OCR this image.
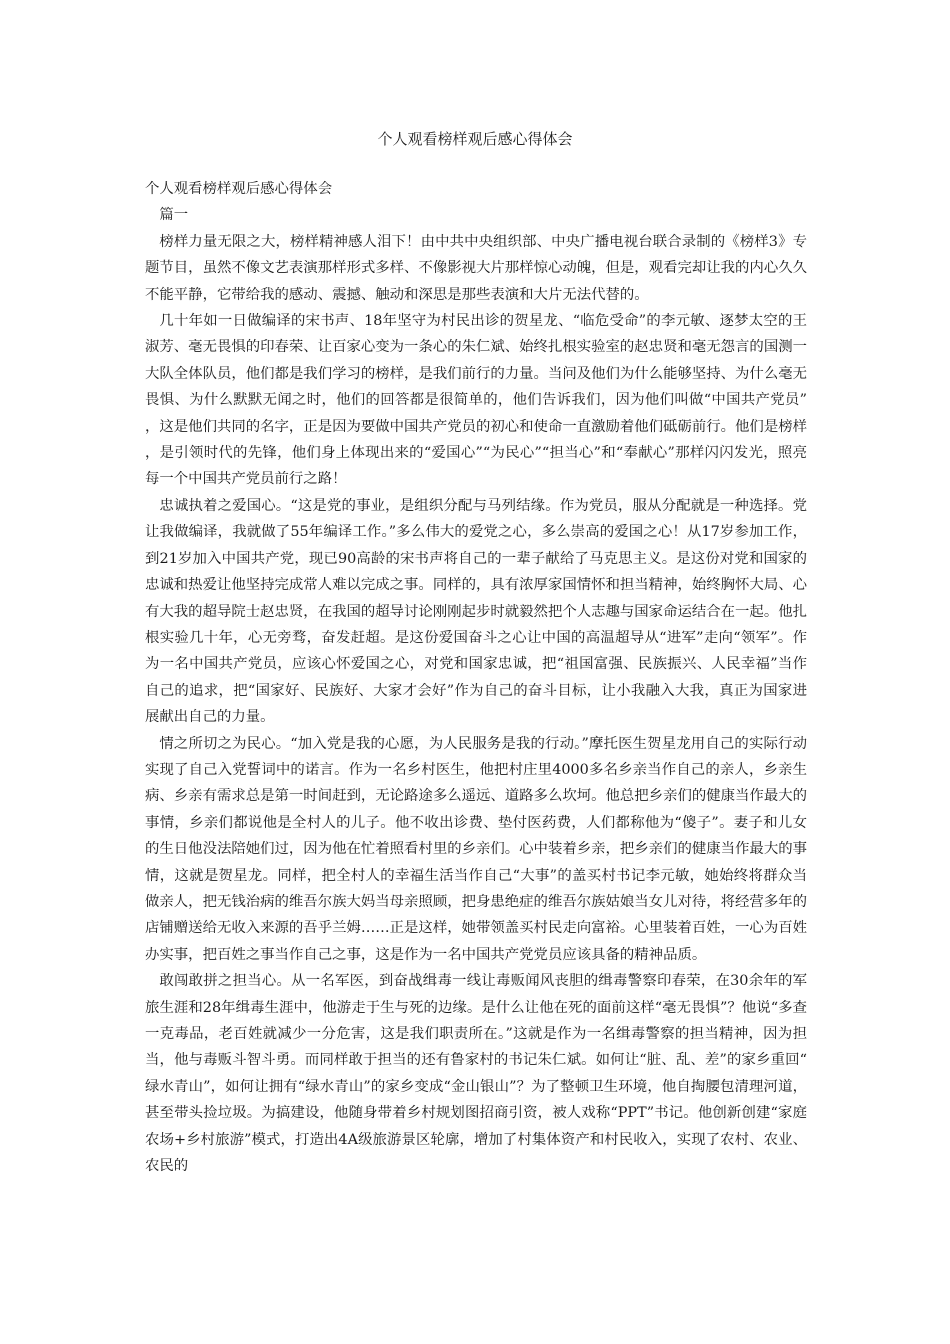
个人观看榜样观后感心得体会

个人观看榜样观后感心得体会

篇一

榜样力量无限之大，榜样精神感人泪下！由中共中央组织部、中央广播电视台联合录制的《榜样3》专题节目，虽然不像文艺表演那样形式多样、不像影视大片那样惊心动魄，但是，观看完却让我的内心久久不能平静，它带给我的感动、震撼、触动和深思是那些表演和大片无法代替的。

几十年如一日做编译的宋书声、18年坚守为村民出诊的贺星龙、“临危受命”的李元敏、逐梦太空的王淑芳、毫无畏惧的印春荣、让百家心变为一条心的朱仁斌、始终扎根实验室的赵忠贤和毫无怨言的国测一大队全体队员，他们都是我们学习的榜样，是我们前行的力量。当问及他们为什么能够坚持、为什么毫无畏惧、为什么默默无闻之时，他们的回答都是很简单的，他们告诉我们，因为他们叫做“中国共产党员”，这是他们共同的名字，正是因为要做中国共产党员的初心和使命一直激励着他们砥砺前行。他们是榜样，是引领时代的先锋，他们身上体现出来的“爱国心”“为民心”“担当心”和“奉献心”那样闪闪发光，照亮每一个中国共产党员前行之路！

忠诚执着之爱国心。“这是党的事业，是组织分配与马列结缘。作为党员，服从分配就是一种选择。党让我做编译，我就做了55年编译工作。”多么伟大的爱党之心，多么崇高的爱国之心！从17岁参加工作，到21岁加入中国共产党，现已90高龄的宋书声将自己的一辈子献给了马克思主义。是这份对党和国家的忠诚和热爱让他坚持完成常人难以完成之事。同样的，具有浓厚家国情怀和担当精神，始终胸怀大局、心有大我的超导院士赵忠贤，在我国的超导讨论刚刚起步时就毅然把个人志趣与国家命运结合在一起。他扎根实验几十年，心无旁骛，奋发赶超。是这份爱国奋斗之心让中国的高温超导从“进军”走向“领军”。作为一名中国共产党员，应该心怀爱国之心，对党和国家忠诚，把“祖国富强、民族振兴、人民幸福”当作自己的追求，把“国家好、民族好、大家才会好”作为自己的奋斗目标，让小我融入大我，真正为国家进展献出自己的力量。

情之所切之为民心。“加入党是我的心愿，为人民服务是我的行动。”摩托医生贺星龙用自己的实际行动实现了自己入党誓词中的诺言。作为一名乡村医生，他把村庄里4000多名乡亲当作自己的亲人，乡亲生病、乡亲有需求总是第一时间赶到，无论路途多么遥远、道路多么坎坷。他总把乡亲们的健康当作最大的事情，乡亲们都说他是全村人的儿子。他不收出诊费、垫付医药费，人们都称他为“傻子”。妻子和儿女的生日他没法陪她们过，因为他在忙着照看村里的乡亲们。心中装着乡亲，把乡亲们的健康当作最大的事情，这就是贺星龙。同样，把全村人的幸福生活当作自己“大事”的盖买村书记李元敏，她始终将群众当做亲人，把无钱治病的维吾尔族大妈当母亲照顾，把身患绝症的维吾尔族姑娘当女儿对待，将经营多年的店铺赠送给无收入来源的吾乎兰姆……正是这样，她带领盖买村民走向富裕。心里装着百姓，一心为百姓办实事，把百姓之事当作自己之事，这是作为一名中国共产党党员应该具备的精神品质。

敢闯敢拼之担当心。从一名军医，到奋战缉毒一线让毒贩闻风丧胆的缉毒警察印春荣，在30余年的军旅生涯和28年缉毒生涯中，他游走于生与死的边缘。是什么让他在死的面前这样“毫无畏惧”？他说“多查一克毒品，老百姓就减少一分危害，这是我们职责所在。”这就是作为一名缉毒警察的担当精神，因为担当，他与毒贩斗智斗勇。而同样敢于担当的还有鲁家村的书记朱仁斌。如何让“脏、乱、差”的家乡重回“绿水青山”，如何让拥有“绿水青山”的家乡变成“金山银山”？为了整顿卫生环境，他自掏腰包清理河道，甚至带头捡垃圾。为搞建设，他随身带着乡村规划图招商引资，被人戏称“PPT”书记。他创新创建“家庭农场+乡村旅游”模式，打造出4A级旅游景区轮廓，增加了村集体资产和村民收入，实现了农村、农业、农民的
